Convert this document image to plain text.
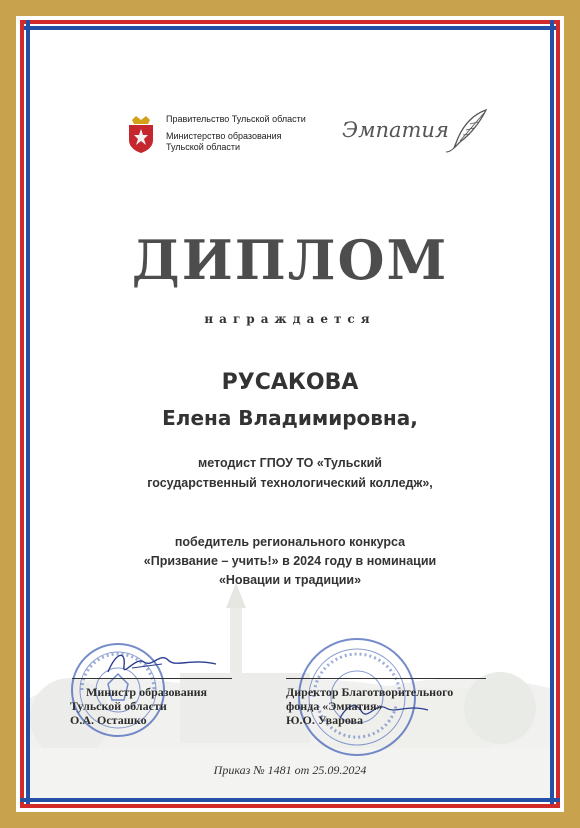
Правительство Тульской области
Министерство образования
Тульской области
Эмпатия
ДИПЛОМ
награждается
РУСАКОВА
Елена Владимировна,
методист ГПОУ ТО «Тульский
государственный технологический колледж»,
победитель регионального конкурса
«Призвание – учить!» в 2024 году в номинации
«Новации и традиции»
Министр образования
Тульской области
О.А. Осташко
Директор Благотворительного
фонда «Эмпатия»
Ю.О. Уварова
Приказ № 1481 от 25.09.2024
